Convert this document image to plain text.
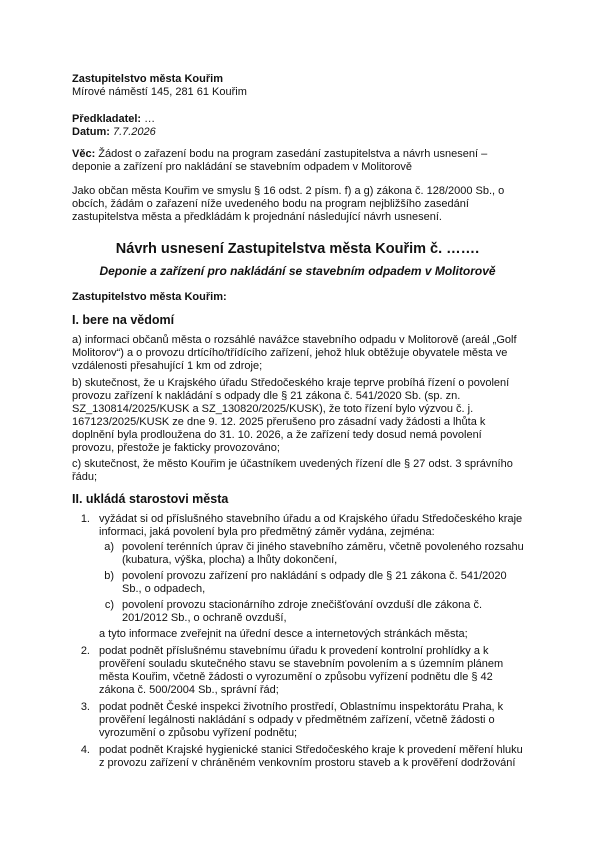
Zastupitelstvo města Kouřim

Mírové náměstí 145, 281 61 Kouřim

Předkladatel: …

Datum: 7.7.2026

Věc: Žádost o zařazení bodu na program zasedání zastupitelstva a návrh usnesení –

deponie a zařízení pro nakládání se stavebním odpadem v Molitorově

Jako občan města Kouřim ve smyslu § 16 odst. 2 písm. f) a g) zákona č. 128/2000 Sb., o

obcích, žádám o zařazení níže uvedeného bodu na program nejbližšího zasedání

zastupitelstva města a předkládám k projednání následující návrh usnesení.

Návrh usnesení Zastupitelstva města Kouřim č. …….

Deponie a zařízení pro nakládání se stavebním odpadem v Molitorově

Zastupitelstvo města Kouřim:

I. bere na vědomí

a) informaci občanů města o rozsáhlé navážce stavebního odpadu v Molitorově (areál „Golf

Molitorov“) a o provozu drtícího/třídícího zařízení, jehož hluk obtěžuje obyvatele města ve

vzdálenosti přesahující 1 km od zdroje;

b) skutečnost, že u Krajského úřadu Středočeského kraje teprve probíhá řízení o povolení

provozu zařízení k nakládání s odpady dle § 21 zákona č. 541/2020 Sb. (sp. zn.

SZ_130814/2025/KUSK a SZ_130820/2025/KUSK), že toto řízení bylo výzvou č. j.

167123/2025/KUSK ze dne 9. 12. 2025 přerušeno pro zásadní vady žádosti a lhůta k

doplnění byla prodloužena do 31. 10. 2026, a že zařízení tedy dosud nemá povolení

provozu, přestože je fakticky provozováno;

c) skutečnost, že město Kouřim je účastníkem uvedených řízení dle § 27 odst. 3 správního

řádu;

II. ukládá starostovi města

1. vyžádat si od příslušného stavebního úřadu a od Krajského úřadu Středočeského kraje

informaci, jaká povolení byla pro předmětný záměr vydána, zejména:

a) povolení terénních úprav či jiného stavebního záměru, včetně povoleného rozsahu

(kubatura, výška, plocha) a lhůty dokončení,

b) povolení provozu zařízení pro nakládání s odpady dle § 21 zákona č. 541/2020

Sb., o odpadech,

c) povolení provozu stacionárního zdroje znečišťování ovzduší dle zákona č.

201/2012 Sb., o ochraně ovzduší,

a tyto informace zveřejnit na úřední desce a internetových stránkách města;

2. podat podnět příslušnému stavebnímu úřadu k provedení kontrolní prohlídky a k

prověření souladu skutečného stavu se stavebním povolením a s územním plánem

města Kouřim, včetně žádosti o vyrozumění o způsobu vyřízení podnětu dle § 42

zákona č. 500/2004 Sb., správní řád;

3. podat podnět České inspekci životního prostředí, Oblastnímu inspektorátu Praha, k

prověření legálnosti nakládání s odpady v předmětném zařízení, včetně žádosti o

vyrozumění o způsobu vyřízení podnětu;

4. podat podnět Krajské hygienické stanici Středočeského kraje k provedení měření hluku

z provozu zařízení v chráněném venkovním prostoru staveb a k prověření dodržování
